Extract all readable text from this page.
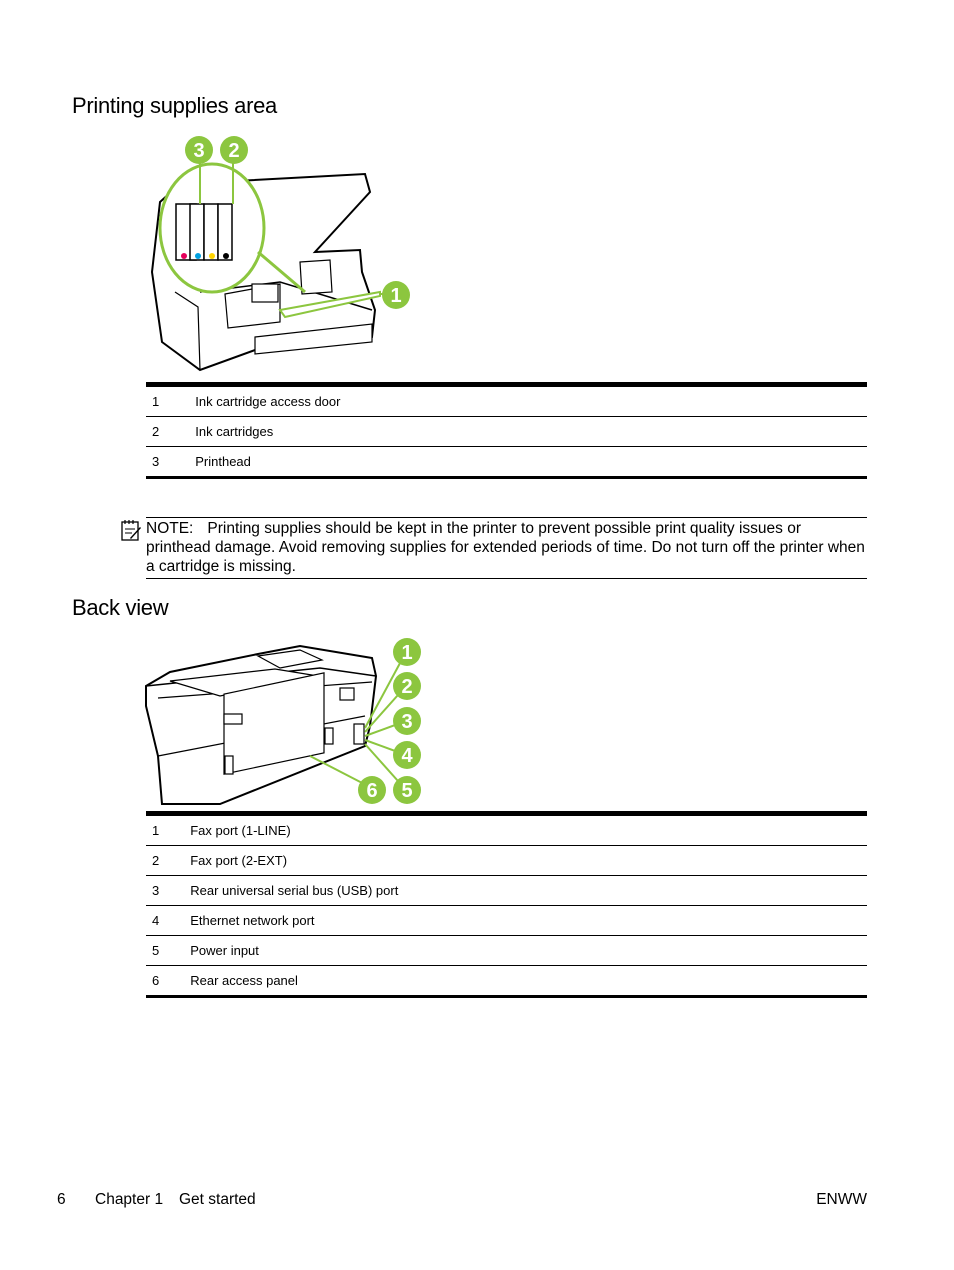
Printing supplies area
3 2
1
1	Ink cartridge access door
2	Ink cartridges
3	Printhead
NOTE: Printing supplies should be kept in the printer to prevent possible print quality issues or printhead damage. Avoid removing supplies for extended periods of time. Do not turn off the printer when a cartridge is missing.
Back view
1
2
3
4
5
6
1	Fax port (1-LINE)
2	Fax port (2-EXT)
3	Rear universal serial bus (USB) port
4	Ethernet network port
5	Power input
6	Rear access panel
6 Chapter 1 Get started	ENWW
